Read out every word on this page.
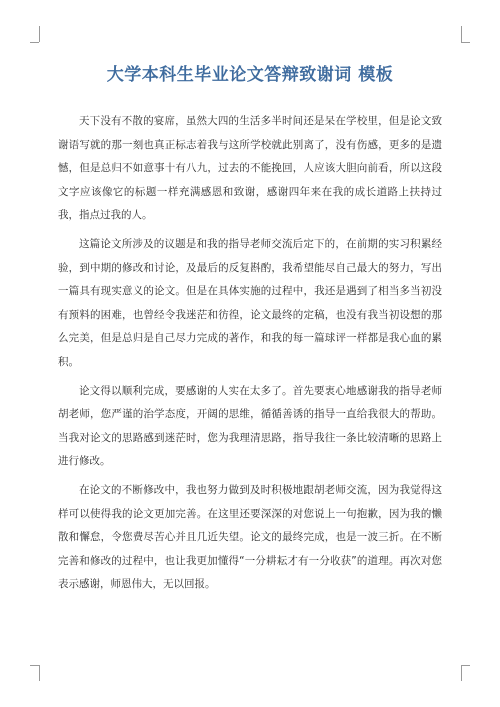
大学本科生毕业论文答辩致谢词 模板

天下没有不散的宴席，虽然大四的生活多半时间还是呆在学校里，但是论文致谢语写就的那一刻也真正标志着我与这所学校就此别离了，没有伤感，更多的是遗憾，但是总归不如意事十有八九，过去的不能挽回，人应该大胆向前看，所以这段文字应该像它的标题一样充满感恩和致谢，感谢四年来在我的成长道路上扶持过我，指点过我的人。

这篇论文所涉及的议题是和我的指导老师交流后定下的，在前期的实习积累经验，到中期的修改和讨论，及最后的反复斟酌，我希望能尽自己最大的努力，写出一篇具有现实意义的论文。但是在具体实施的过程中，我还是遇到了相当多当初没有预料的困难，也曾经令我迷茫和彷徨，论文最终的定稿，也没有我当初设想的那么完美，但是总归是自己尽力完成的著作，和我的每一篇球评一样都是我心血的累积。

论文得以顺利完成，要感谢的人实在太多了。首先要衷心地感谢我的指导老师胡老师，您严谨的治学态度，开阔的思维，循循善诱的指导一直给我很大的帮助。当我对论文的思路感到迷茫时，您为我理清思路，指导我往一条比较清晰的思路上进行修改。

在论文的不断修改中，我也努力做到及时积极地跟胡老师交流，因为我觉得这样可以使得我的论文更加完善。在这里还要深深的对您说上一句抱歉，因为我的懒散和懈怠，令您费尽苦心并且几近失望。论文的最终完成，也是一波三折。在不断完善和修改的过程中，也让我更加懂得“一分耕耘才有一分收获”的道理。再次对您表示感谢，师恩伟大，无以回报。
